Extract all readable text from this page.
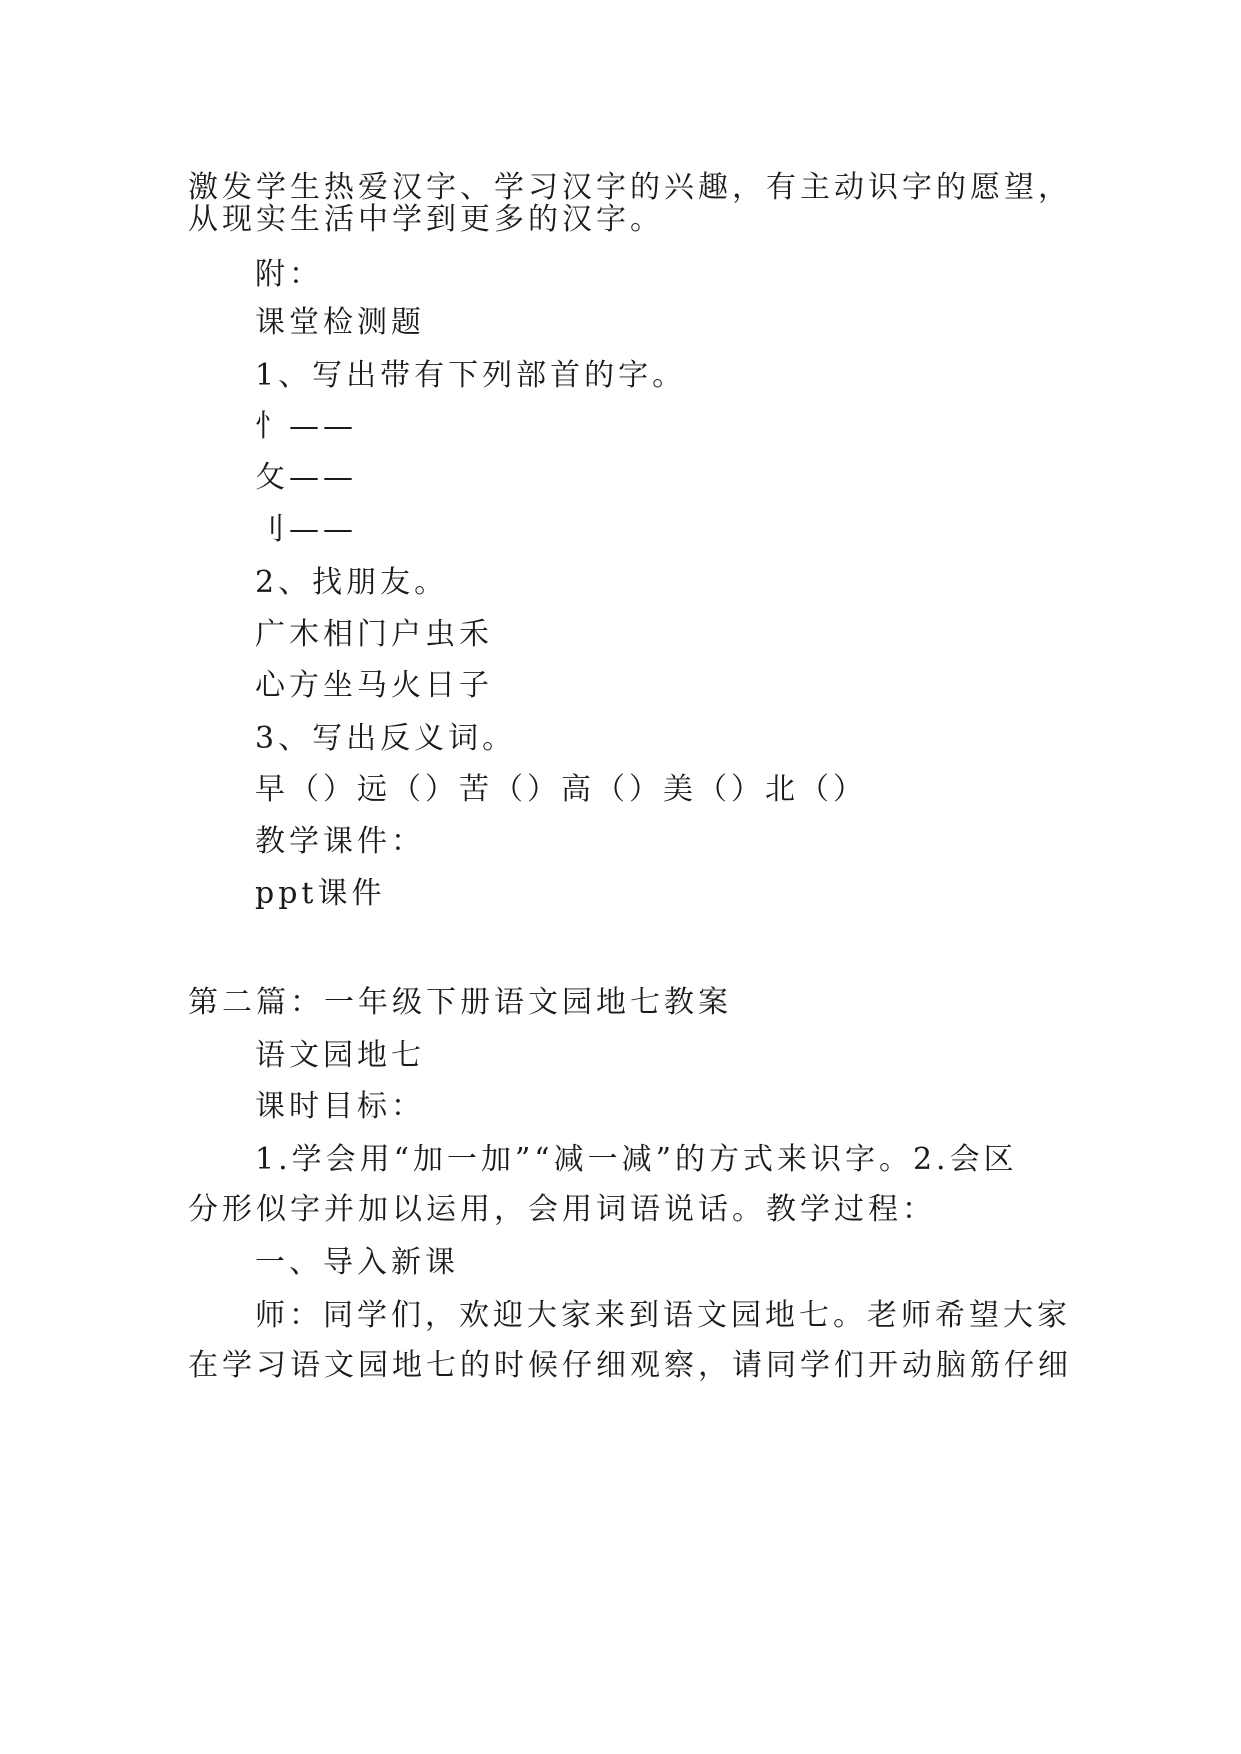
激发学生热爱汉字、学习汉字的兴趣，有主动识字的愿望，
从现实生活中学到更多的汉字。
附：
课堂检测题
1、写出带有下列部首的字。
忄——
攵——
刂——
2、找朋友。
广木相门户虫禾
心方坐马火日子
3、写出反义词。
早（）远（）苦（）高（）美（）北（）
教学课件：
ppt课件
第二篇：一年级下册语文园地七教案
语文园地七
课时目标：
1.学会用“加一加”“减一减”的方式来识字。2.会区
分形似字并加以运用，会用词语说话。教学过程：
一、导入新课
师：同学们，欢迎大家来到语文园地七。老师希望大家
在学习语文园地七的时候仔细观察，请同学们开动脑筋仔细
